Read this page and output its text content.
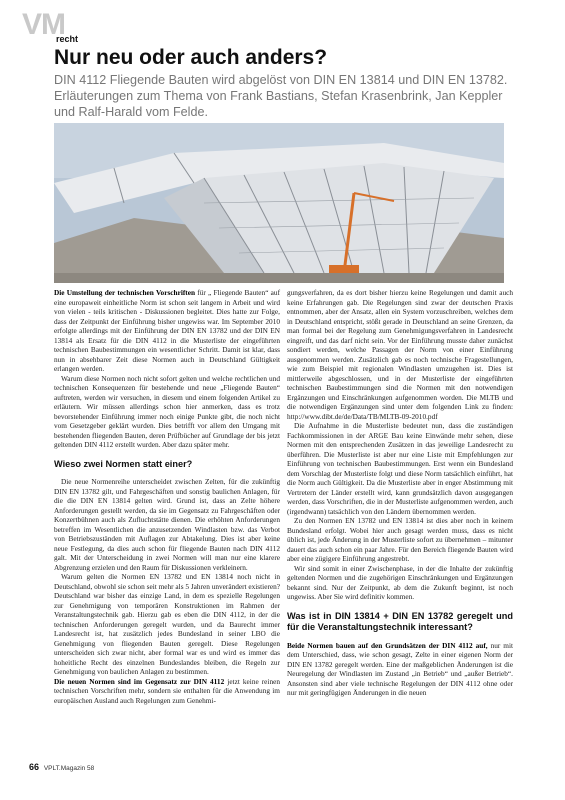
VM
recht
Nur neu oder auch anders?
DIN 4112 Fliegende Bauten wird abgelöst von DIN EN 13814 und DIN EN 13782. Erläuterungen zum Thema von Frank Bastians, Stefan Krasenbrink, Jan Keppler und Ralf-Harald vom Felde.

Die Umstellung der technischen Vorschriften für „ Fliegende Bauten“ auf eine europaweit einheitliche Norm ist schon seit langem in Arbeit und wird von vielen - teils kritischen - Diskussionen begleitet. Dies hatte zur Folge, dass der Zeitpunkt der Einführung bisher ungewiss war. Im September 2010 erfolgte allerdings mit der Einführung der DIN EN 13782 und der DIN EN 13814 als Ersatz für die DIN 4112 in die Musterliste der eingeführten technischen Baubestimmungen ein wesentlicher Schritt. Damit ist klar, dass nun in absehbarer Zeit diese Normen auch in Deutschland Gültigkeit erlangen werden.

Warum diese Normen noch nicht sofort gelten und welche rechtlichen und technischen Konsequenzen für bestehende und neue „Fliegende Bauten“ auftreten, werden wir versuchen, in diesem und einem folgenden Artikel zu erläutern. Wir müssen allerdings schon hier anmerken, dass es trotz bevorstehender Einführung immer noch einige Punkte gibt, die noch nicht vom Gesetzgeber geklärt wurden. Dies betrifft vor allem den Umgang mit bestehenden fliegenden Bauten, deren Prüfbücher auf Grundlage der bis jetzt geltenden DIN 4112 erstellt wurden. Aber dazu später mehr.

Wieso zwei Normen statt einer?

Die neue Normenreihe unterscheidet zwischen Zelten, für die zukünftig DIN EN 13782 gilt, und Fahrgeschäften und sonstig baulichen Anlagen, für die die DIN EN 13814 gelten wird. Grund ist, dass an Zelte höhere Anforderungen gestellt werden, da sie im Gegensatz zu Fahrgeschäften oder Konzertbühnen auch als Zufluchtstätte dienen. Die erhöhten Anforderungen betreffen im Wesentlichen die anzusetzenden Windlasten bzw. das Verbot von Betriebszuständen mit Auflagen zur Abtakelung. Dies ist aber keine neue Festlegung, da dies auch schon für fliegende Bauten nach DIN 4112 galt. Mit der Unterscheidung in zwei Normen will man nur eine klarere Abgrenzung erzielen und den Raum für Diskussionen verkleinern.

Warum gelten die Normen EN 13782 und EN 13814 noch nicht in Deutschland, obwohl sie schon seit mehr als 5 Jahren unverändert existieren? Deutschland war bisher das einzige Land, in dem es spezielle Regelungen zur Genehmigung von temporären Konstruktionen im Rahmen der Veranstaltungstechnik gab. Hierzu gab es eben die DIN 4112, in der die technischen Anforderungen geregelt wurden, und da Baurecht immer Landesrecht ist, hat zusätzlich jedes Bundesland in seiner LBO die Genehmigung von fliegenden Bauten geregelt. Diese Regelungen unterscheiden sich zwar nicht, aber formal war es und wird es immer das hoheitliche Recht des einzelnen Bundeslandes bleiben, die Regeln zur Genehmigung von baulichen Anlagen zu bestimmen.

Die neuen Normen sind im Gegensatz zur DIN 4112 jetzt keine reinen technischen Vorschriften mehr, sondern sie enthalten für die Anwendung im europäischen Ausland auch Regelungen zum Genehmi-

gungsverfahren, da es dort bisher hierzu keine Regelungen und damit auch keine Erfahrungen gab. Die Regelungen sind zwar der deutschen Praxis entnommen, aber der Ansatz, allen ein System vorzuschreiben, welches dem in Deutschland entspricht, stößt gerade in Deutschland an seine Grenzen, da man formal bei der Regelung zum Genehmigungsverfahren in Landesrecht eingreift, und das darf nicht sein. Vor der Einführung musste daher zunächst sondiert werden, welche Passagen der Norm von einer Einführung ausgenommen werden. Zusätzlich gab es noch technische Fragestellungen, wie zum Beispiel mit regionalen Windlasten umzugehen ist. Dies ist mittlerweile abgeschlossen, und in der Musterliste der eingeführten technischen Baubestimmungen sind die Normen mit den notwendigen Ergänzungen und Einschränkungen aufgenommen worden. Die MLTB und die notwendigen Ergänzungen sind unter dem folgenden Link zu finden: http://www.dibt.de/de/Data/TB/MLTB-09-2010.pdf

Die Aufnahme in die Musterliste bedeutet nun, dass die zuständigen Fachkommissionen in der ARGE Bau keine Einwände mehr sehen, diese Normen mit den entsprechenden Zusätzen in das jeweilige Landesrecht zu überführen. Die Musterliste ist aber nur eine Liste mit Empfehlungen zur Einführung von technischen Baubestimmungen. Erst wenn ein Bundesland dem Vorschlag der Musterliste folgt und diese Norm tatsächlich einführt, hat die Norm auch Gültigkeit. Da die Musterliste aber in enger Abstimmung mit Vertretern der Länder erstellt wird, kann grundsätzlich davon ausgegangen werden, dass Vorschriften, die in der Musterliste aufgenommen werden, auch (irgendwann) tatsächlich von den Ländern übernommen werden.

Zu den Normen EN 13782 und EN 13814 ist dies aber noch in keinem Bundesland erfolgt. Wobei hier auch gesagt werden muss, dass es nicht üblich ist, jede Änderung in der Musterliste sofort zu übernehmen – mitunter dauert das auch schon ein paar Jahre. Für den Bereich fliegende Bauten wird aber eine zügigere Einführung angestrebt.

Wir sind somit in einer Zwischenphase, in der die Inhalte der zukünftig geltenden Normen und die zugehörigen Einschränkungen und Ergänzungen bekannt sind. Nur der Zeitpunkt, ab dem die Zukunft beginnt, ist noch ungewiss. Aber Sie wird definitiv kommen.

Was ist in DIN 13814 + DIN EN 13782 geregelt und für die Veranstaltungstechnik interessant?

Beide Normen bauen auf den Grundsätzen der DIN 4112 auf, nur mit dem Unterschied, dass, wie schon gesagt, Zelte in einer eigenen Norm der DIN EN 13782 geregelt werden. Eine der maßgeblichen Änderungen ist die Neuregelung der Windlasten im Zustand „in Betrieb“ und „außer Betrieb“. Ansonsten sind aber viele technische Regelungen der DIN 4112 ohne oder nur mit geringfügigen Änderungen in die neuen

66 VPLT.Magazin 58
